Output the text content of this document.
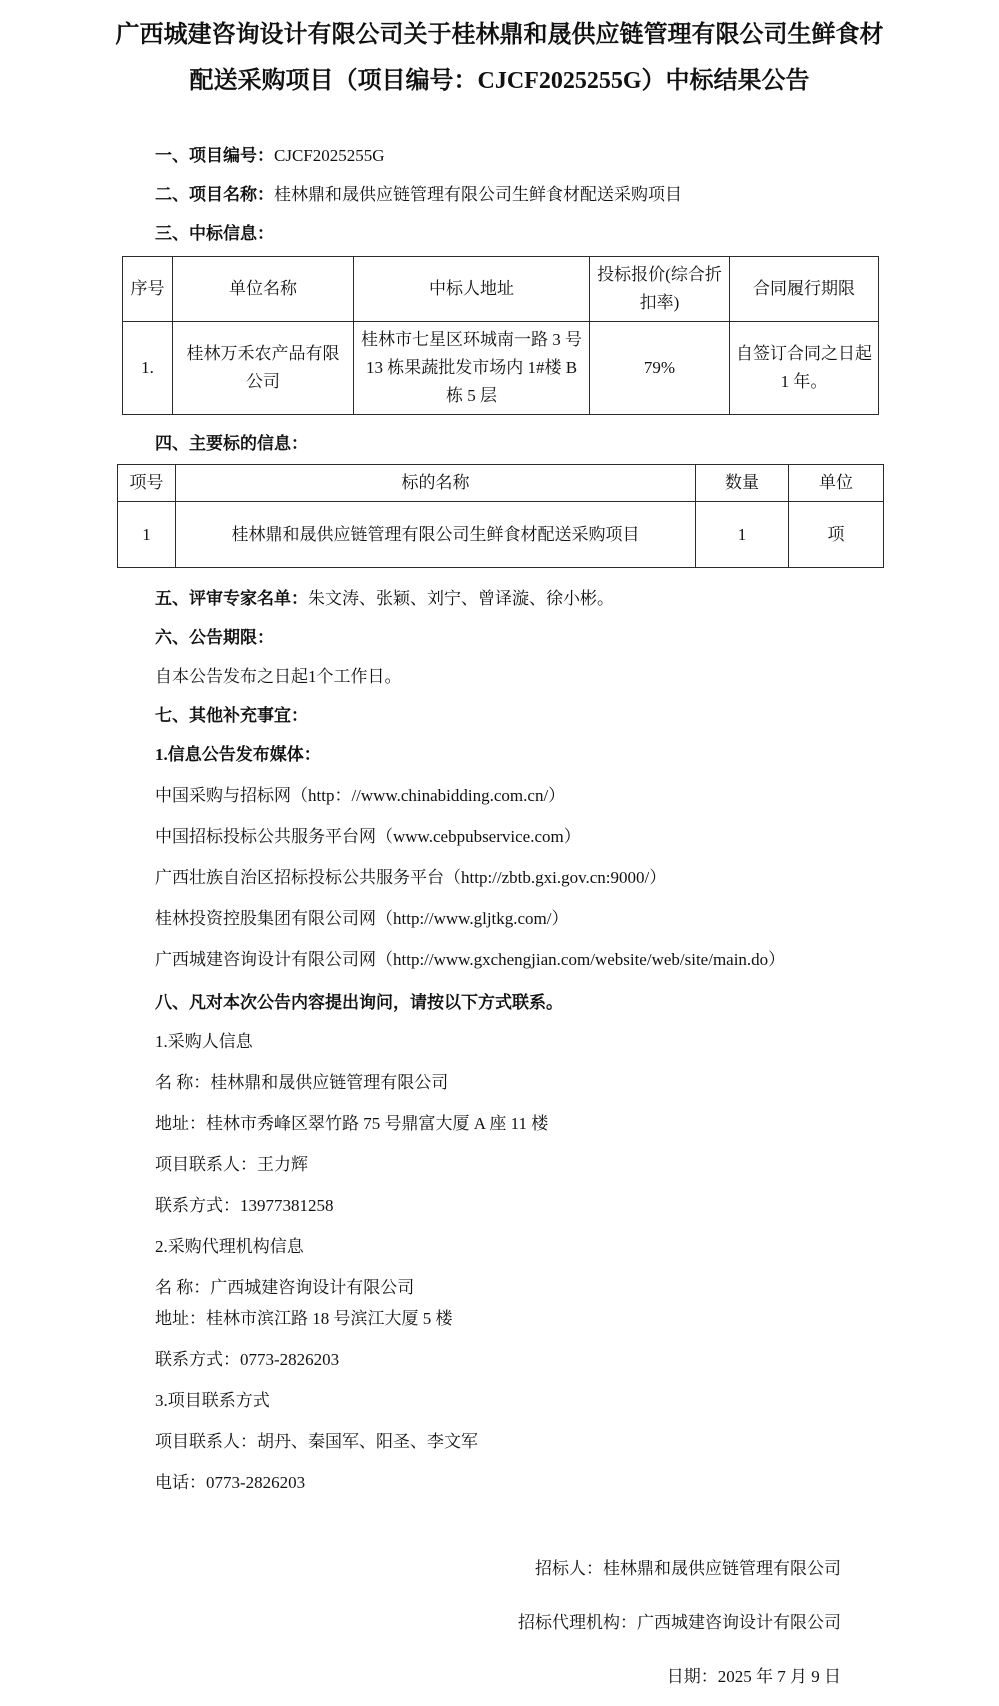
广西城建咨询设计有限公司关于桂林鼎和晟供应链管理有限公司生鲜食材
配送采购项目（项目编号：CJCF2025255G）中标结果公告

一、项目编号：CJCF2025255G

二、项目名称：桂林鼎和晟供应链管理有限公司生鲜食材配送采购项目

三、中标信息：

序号	单位名称	中标人地址	投标报价(综合折扣率)	合同履行期限
1.	桂林万禾农产品有限公司	桂林市七星区环城南一路 3 号 13 栋果蔬批发市场内 1#楼 B 栋 5 层	79%	自签订合同之日起 1 年。

四、主要标的信息：

项号	标的名称	数量	单位
1	桂林鼎和晟供应链管理有限公司生鲜食材配送采购项目	1	项

五、评审专家名单：朱文涛、张颖、刘宁、曾译漩、徐小彬。

六、公告期限：

自本公告发布之日起1个工作日。

七、其他补充事宜：

1.信息公告发布媒体：

中国采购与招标网（http：//www.chinabidding.com.cn/）

中国招标投标公共服务平台网（www.cebpubservice.com）

广西壮族自治区招标投标公共服务平台（http://zbtb.gxi.gov.cn:9000/）

桂林投资控股集团有限公司网（http://www.gljtkg.com/）

广西城建咨询设计有限公司网（http://www.gxchengjian.com/website/web/site/main.do）

八、凡对本次公告内容提出询问，请按以下方式联系。

1.采购人信息

名 称：桂林鼎和晟供应链管理有限公司

地址：桂林市秀峰区翠竹路 75 号鼎富大厦 A 座 11 楼

项目联系人：王力辉

联系方式：13977381258

2.采购代理机构信息

名 称：广西城建咨询设计有限公司

地址：桂林市滨江路 18 号滨江大厦 5 楼

联系方式：0773-2826203

3.项目联系方式

项目联系人：胡丹、秦国军、阳圣、李文军

电话：0773-2826203

招标人：桂林鼎和晟供应链管理有限公司

招标代理机构：广西城建咨询设计有限公司

日期：2025 年 7 月 9 日
